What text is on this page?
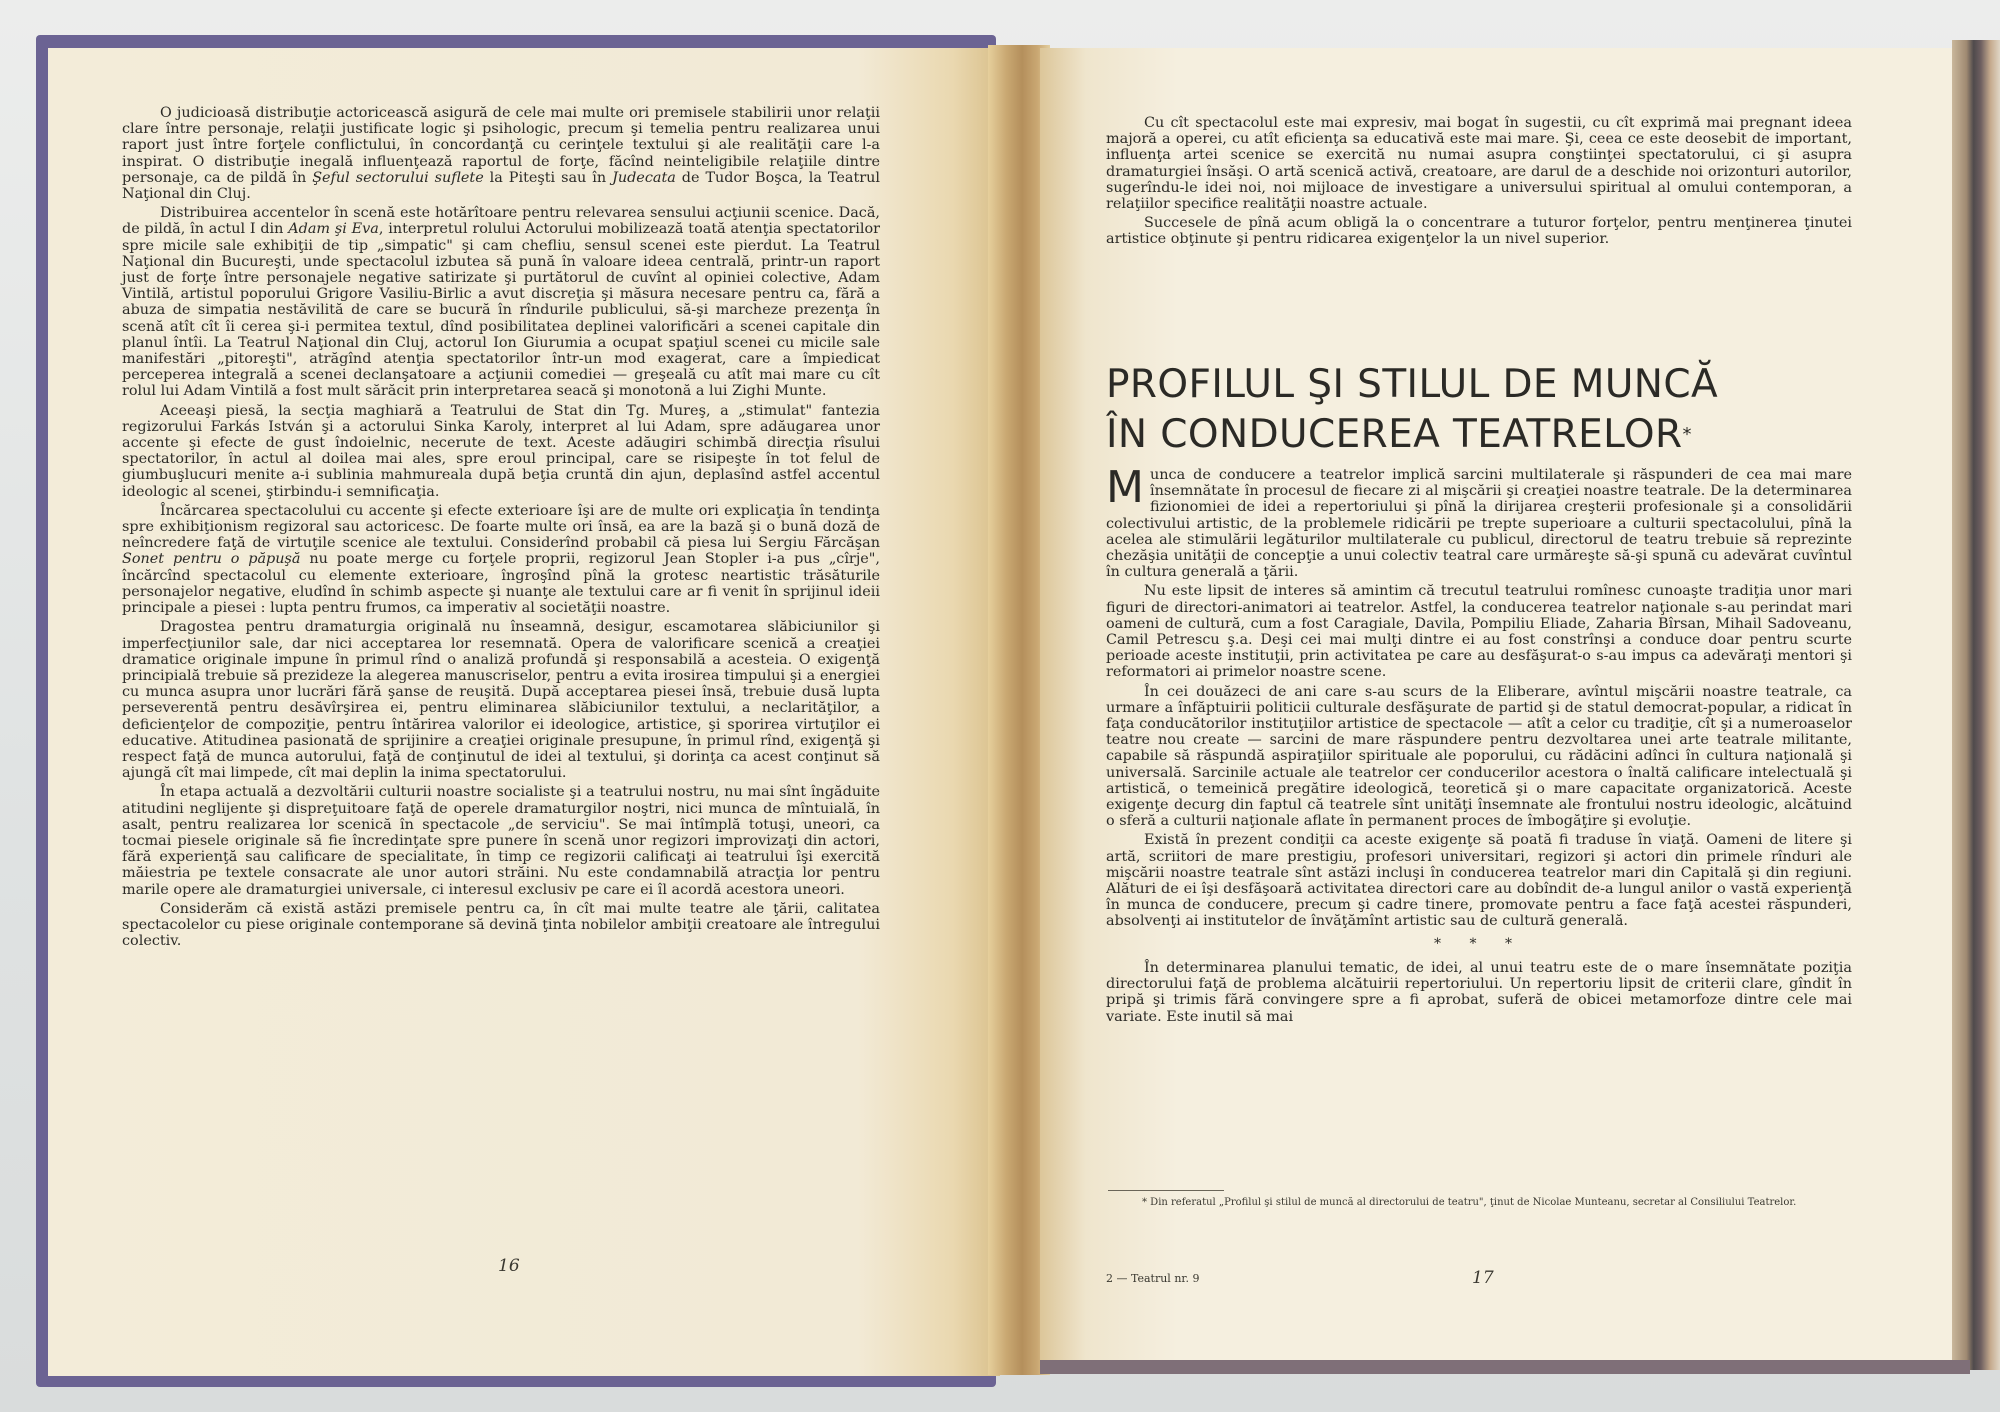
O judicioasă distribuţie actoricească asigură de cele mai multe ori premisele stabilirii unor relaţii clare între personaje, relaţii justificate logic şi psihologic, precum şi temelia pentru realizarea unui raport just între forţele conflictului, în concordanţă cu cerinţele textului şi ale realităţii care l-a inspirat. O distribuţie inegală influenţează raportul de forţe, făcînd neinteligibile relaţiile dintre personaje, ca de pildă în Şeful sectorului suflete la Piteşti sau în Judecata de Tudor Boşca, la Teatrul Naţional din Cluj.

Distribuirea accentelor în scenă este hotărîtoare pentru relevarea sensului acţiunii scenice. Dacă, de pildă, în actul I din Adam şi Eva, interpretul rolului Actorului mobilizează toată atenţia spectatorilor spre micile sale exhibiţii de tip „simpatic" şi cam chefliu, sensul scenei este pierdut. La Teatrul Naţional din Bucureşti, unde spectacolul izbutea să pună în valoare ideea centrală, printr-un raport just de forţe între personajele negative satirizate şi purtătorul de cuvînt al opiniei colective, Adam Vintilă, artistul poporului Grigore Vasiliu-Birlic a avut discreţia şi măsura necesare pentru ca, fără a abuza de simpatia nestăvilită de care se bucură în rîndurile publicului, să-şi marcheze prezenţa în scenă atît cît îi cerea şi-i permitea textul, dînd posibilitatea deplinei valorificări a scenei capitale din planul întîi. La Teatrul Naţional din Cluj, actorul Ion Giurumia a ocupat spaţiul scenei cu micile sale manifestări „pitoreşti", atrăgînd atenţia spectatorilor într-un mod exagerat, care a împiedicat perceperea integrală a scenei declanşatoare a acţiunii comediei — greşeală cu atît mai mare cu cît rolul lui Adam Vintilă a fost mult sărăcit prin interpretarea seacă şi monotonă a lui Zighi Munte.

Aceeaşi piesă, la secţia maghiară a Teatrului de Stat din Tg. Mureş, a „stimulat" fantezia regizorului Farkás István şi a actorului Sinka Karoly, interpret al lui Adam, spre adăugarea unor accente şi efecte de gust îndoielnic, necerute de text. Aceste adăugiri schimbă direcţia rîsului spectatorilor, în actul al doilea mai ales, spre eroul principal, care se risipeşte în tot felul de giumbuşlucuri menite a-i sublinia mahmureala după beţia cruntă din ajun, deplasînd astfel accentul ideologic al scenei, ştirbindu-i semnificaţia.

Încărcarea spectacolului cu accente şi efecte exterioare îşi are de multe ori explicaţia în tendinţa spre exhibiţionism regizoral sau actoricesc. De foarte multe ori însă, ea are la bază şi o bună doză de neîncredere faţă de virtuţile scenice ale textului. Considerînd probabil că piesa lui Sergiu Fărcăşan Sonet pentru o păpuşă nu poate merge cu forţele proprii, regizorul Jean Stopler i-a pus „cîrje", încărcînd spectacolul cu elemente exterioare, îngroşînd pînă la grotesc neartistic trăsăturile personajelor negative, eludînd în schimb aspecte şi nuanţe ale textului care ar fi venit în sprijinul ideii principale a piesei : lupta pentru frumos, ca imperativ al societăţii noastre.

Dragostea pentru dramaturgia originală nu înseamnă, desigur, escamotarea slăbiciunilor şi imperfecţiunilor sale, dar nici acceptarea lor resemnată. Opera de valorificare scenică a creaţiei dramatice originale impune în primul rînd o analiză profundă şi responsabilă a acesteia. O exigenţă principială trebuie să prezideze la alegerea manuscriselor, pentru a evita irosirea timpului şi a energiei cu munca asupra unor lucrări fără şanse de reuşită. După acceptarea piesei însă, trebuie dusă lupta perseverentă pentru desăvîrşirea ei, pentru eliminarea slăbiciunilor textului, a neclarităţilor, a deficienţelor de compoziţie, pentru întărirea valorilor ei ideologice, artistice, şi sporirea virtuţilor ei educative. Atitudinea pasionată de sprijinire a creaţiei originale presupune, în primul rînd, exigenţă şi respect faţă de munca autorului, faţă de conţinutul de idei al textului, şi dorinţa ca acest conţinut să ajungă cît mai limpede, cît mai deplin la inima spectatorului.

În etapa actuală a dezvoltării culturii noastre socialiste şi a teatrului nostru, nu mai sînt îngăduite atitudini neglijente şi dispreţuitoare faţă de operele dramaturgilor noştri, nici munca de mîntuială, în asalt, pentru realizarea lor scenică în spectacole „de serviciu". Se mai întîmplă totuşi, uneori, ca tocmai piesele originale să fie încredinţate spre punere în scenă unor regizori improvizaţi din actori, fără experienţă sau calificare de specialitate, în timp ce regizorii calificaţi ai teatrului îşi exercită măiestria pe textele consacrate ale unor autori străini. Nu este condamnabilă atracţia lor pentru marile opere ale dramaturgiei universale, ci interesul exclusiv pe care ei îl acordă acestora uneori.

Considerăm că există astăzi premisele pentru ca, în cît mai multe teatre ale ţării, calitatea spectacolelor cu piese originale contemporane să devină ţinta nobilelor ambiţii creatoare ale întregului colectiv.

16

Cu cît spectacolul este mai expresiv, mai bogat în sugestii, cu cît exprimă mai pregnant ideea majoră a operei, cu atît eficienţa sa educativă este mai mare. Şi, ceea ce este deosebit de important, influenţa artei scenice se exercită nu numai asupra conştiinţei spectatorului, ci şi asupra dramaturgiei însăşi. O artă scenică activă, creatoare, are darul de a deschide noi orizonturi autorilor, sugerîndu-le idei noi, noi mijloace de investigare a universului spiritual al omului contemporan, a relaţiilor specifice realităţii noastre actuale.

Succesele de pînă acum obligă la o concentrare a tuturor forţelor, pentru menţinerea ţinutei artistice obţinute şi pentru ridicarea exigenţelor la un nivel superior.

PROFILUL ŞI STILUL DE MUNCĂ
ÎN CONDUCEREA TEATRELOR*

Munca de conducere a teatrelor implică sarcini multilaterale şi răspunderi de cea mai mare însemnătate în procesul de fiecare zi al mişcării şi creaţiei noastre teatrale. De la determinarea fizionomiei de idei a repertoriului şi pînă la dirijarea creşterii profesionale şi a consolidării colectivului artistic, de la problemele ridicării pe trepte superioare a culturii spectacolului, pînă la acelea ale stimulării legăturilor multilaterale cu publicul, directorul de teatru trebuie să reprezinte chezăşia unităţii de concepţie a unui colectiv teatral care urmăreşte să-şi spună cu adevărat cuvîntul în cultura generală a ţării.

Nu este lipsit de interes să amintim că trecutul teatrului romînesc cunoaşte tradiţia unor mari figuri de directori-animatori ai teatrelor. Astfel, la conducerea teatrelor naţionale s-au perindat mari oameni de cultură, cum a fost Caragiale, Davila, Pompiliu Eliade, Zaharia Bîrsan, Mihail Sadoveanu, Camil Petrescu ş.a. Deşi cei mai mulţi dintre ei au fost constrînşi a conduce doar pentru scurte perioade aceste instituţii, prin activitatea pe care au desfăşurat-o s-au impus ca adevăraţi mentori şi reformatori ai primelor noastre scene.

În cei douăzeci de ani care s-au scurs de la Eliberare, avîntul mişcării noastre teatrale, ca urmare a înfăptuirii politicii culturale desfăşurate de partid şi de statul democrat-popular, a ridicat în faţa conducătorilor instituţiilor artistice de spectacole — atît a celor cu tradiţie, cît şi a numeroaselor teatre nou create — sarcini de mare răspundere pentru dezvoltarea unei arte teatrale militante, capabile să răspundă aspiraţiilor spirituale ale poporului, cu rădăcini adînci în cultura naţională şi universală. Sarcinile actuale ale teatrelor cer conducerilor acestora o înaltă calificare intelectuală şi artistică, o temeinică pregătire ideologică, teoretică şi o mare capacitate organizatorică. Aceste exigenţe decurg din faptul că teatrele sînt unităţi însemnate ale frontului nostru ideologic, alcătuind o sferă a culturii naţionale aflate în permanent proces de îmbogăţire şi evoluţie.

Există în prezent condiţii ca aceste exigenţe să poată fi traduse în viaţă. Oameni de litere şi artă, scriitori de mare prestigiu, profesori universitari, regizori şi actori din primele rînduri ale mişcării noastre teatrale sînt astăzi incluşi în conducerea teatrelor mari din Capitală şi din regiuni. Alături de ei îşi desfăşoară activitatea directori care au dobîndit de-a lungul anilor o vastă experienţă în munca de conducere, precum şi cadre tinere, promovate pentru a face faţă acestei răspunderi, absolvenţi ai institutelor de învăţămînt artistic sau de cultură generală.

* * *

În determinarea planului tematic, de idei, al unui teatru este de o mare însemnătate poziţia directorului faţă de problema alcătuirii repertoriului. Un repertoriu lipsit de criterii clare, gîndit în pripă şi trimis fără convingere spre a fi aprobat, suferă de obicei metamorfoze dintre cele mai variate. Este inutil să mai

* Din referatul „Profilul şi stilul de muncă al directorului de teatru", ţinut de Nicolae Munteanu, secretar al Consiliului Teatrelor.
2 — Teatrul nr. 9	17
